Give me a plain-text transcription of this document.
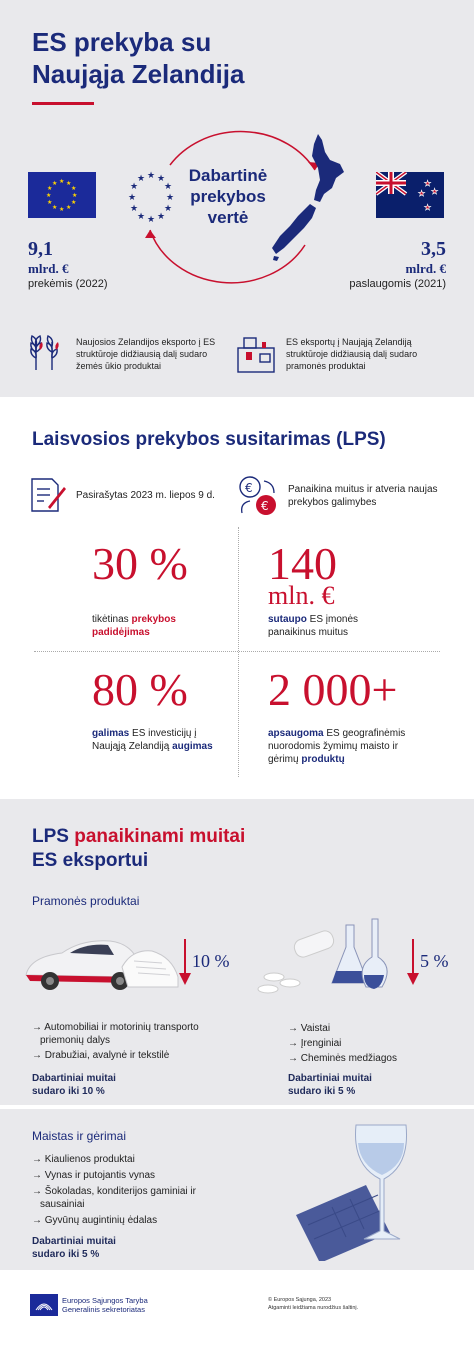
ES prekyba su
Naująja Zelandija
★ ★
★
★
★
★
★
★
★
★
★
★	★
★
★
★
★ ★
★
★
★
★
★
★
★
★
★
★	Dabartinė
prekybos
vertė
9,1
mlrd. €
prekėmis (2022)
3,5
mlrd. €
paslaugomis (2021)
Naujosios Zelandijos eksporto į ES struktūroje didžiausią dalį sudaro žemės ūkio produktai
ES eksportų į Naująją Zelandiją struktūroje didžiausią dalį sudaro pramonės produktai
Laisvosios prekybos susitarimas (LPS)
Pasirašytas 2023 m. liepos 9 d.
€
€
Panaikina muitus ir atveria naujas prekybos galimybes
30 %
tikėtinas prekybos padidėjimas
140
mln. €
sutaupo ES įmonės panaikinus muitus
80 %
galimas ES investicijų į Naująją Zelandiją augimas
2 000+
apsaugoma ES geografinėmis nuorodomis žymimų maisto ir gėrimų produktų
LPS panaikinami muitai
ES eksportui
Pramonės produktai
10 %	5 %
→ Automobiliai ir motorinių transporto priemonių dalys
→ Drabužiai, avalynė ir tekstilė
→ Vaistai
→ Įrenginiai
→ Cheminės medžiagos
Dabartiniai muitai sudaro iki 10 %
Dabartiniai muitai sudaro iki 5 %
Maistas ir gėrimai
→ Kiaulienos produktai
→ Vynas ir putojantis vynas
→ Šokoladas, konditerijos gaminiai ir sausainiai
→ Gyvūnų augintinių ėdalas
Dabartiniai muitai sudaro iki 5 %
Europos Sąjungos Taryba
Generalinis sekretoriatas
© Europos Sąjunga, 2023
Atgaminti leidžiama nurodžius šaltinį.
